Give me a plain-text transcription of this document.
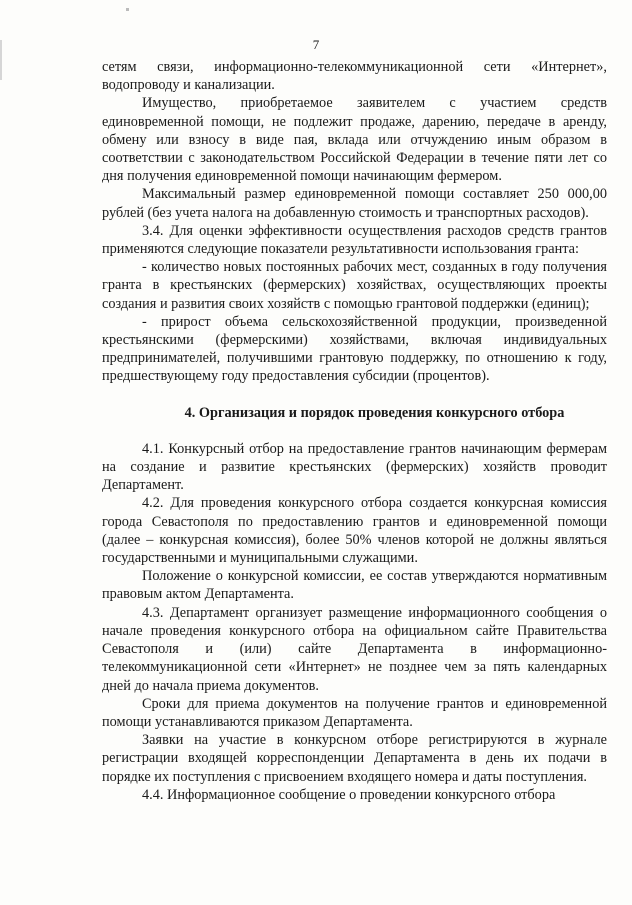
7

сетям связи, информационно-телекоммуникационной сети «Интернет», водопроводу и канализации.

Имущество, приобретаемое заявителем с участием средств единовременной помощи, не подлежит продаже, дарению, передаче в аренду, обмену или взносу в виде пая, вклада или отчуждению иным образом в соответствии с законодательством Российской Федерации в течение пяти лет со дня получения единовременной помощи начинающим фермером.

Максимальный размер единовременной помощи составляет 250 000,00 рублей (без учета налога на добавленную стоимость и транспортных расходов).

3.4. Для оценки эффективности осуществления расходов средств грантов применяются следующие показатели результативности использования гранта:

- количество новых постоянных рабочих мест, созданных в году получения гранта в крестьянских (фермерских) хозяйствах, осуществляющих проекты создания и развития своих хозяйств с помощью грантовой поддержки (единиц);

- прирост объема сельскохозяйственной продукции, произведенной крестьянскими (фермерскими) хозяйствами, включая индивидуальных предпринимателей, получившими грантовую поддержку, по отношению к году, предшествующему году предоставления субсидии (процентов).

4. Организация и порядок проведения конкурсного отбора

4.1. Конкурсный отбор на предоставление грантов начинающим фермерам на создание и развитие крестьянских (фермерских) хозяйств проводит Департамент.

4.2. Для проведения конкурсного отбора создается конкурсная комиссия города Севастополя по предоставлению грантов и единовременной помощи (далее – конкурсная комиссия), более 50% членов которой не должны являться государственными и муниципальными служащими.

Положение о конкурсной комиссии, ее состав утверждаются нормативным правовым актом Департамента.

4.3. Департамент организует размещение информационного сообщения о начале проведения конкурсного отбора на официальном сайте Правительства Севастополя и (или) сайте Департамента в информационно-телекоммуникационной сети «Интернет» не позднее чем за пять календарных дней до начала приема документов.

Сроки для приема документов на получение грантов и единовременной помощи устанавливаются приказом Департамента.

Заявки на участие в конкурсном отборе регистрируются в журнале регистрации входящей корреспонденции Департамента в день их подачи в порядке их поступления с присвоением входящего номера и даты поступления.

4.4. Информационное сообщение о проведении конкурсного отбора
